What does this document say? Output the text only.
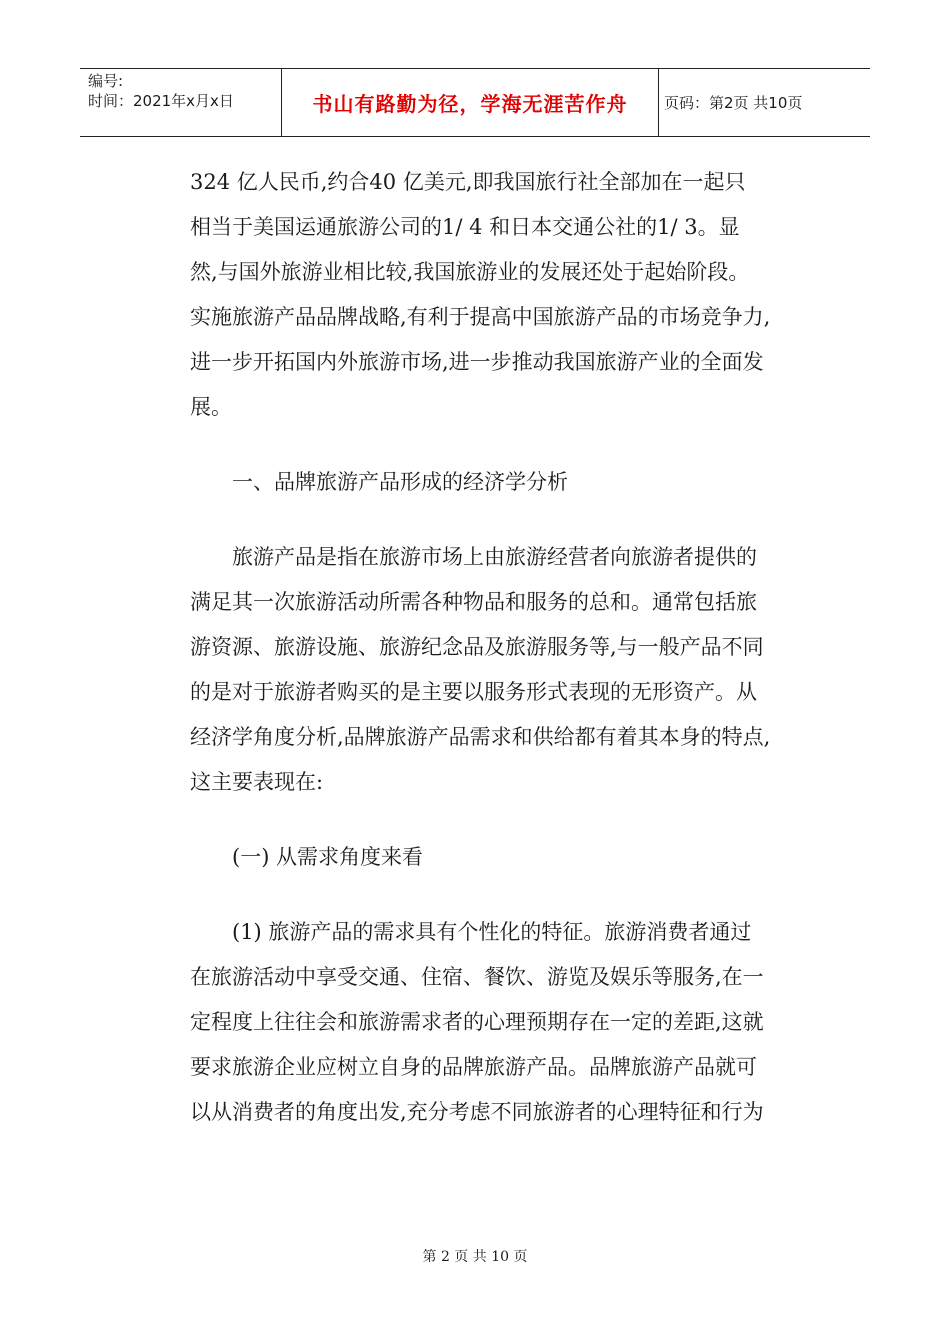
编号:
时间：2021年x月x日	书山有路勤为径，学海无涯苦作舟 页码：第2页 共10页
324 亿人民币,约合40 亿美元,即我国旅行社全部加在一起只
相当于美国运通旅游公司的1/ 4 和日本交通公社的1/ 3。显
然,与国外旅游业相比较,我国旅游业的发展还处于起始阶段。
实施旅游产品品牌战略,有利于提高中国旅游产品的市场竞争力,
进一步开拓国内外旅游市场,进一步推动我国旅游产业的全面发
展。
　　一、品牌旅游产品形成的经济学分析
　　旅游产品是指在旅游市场上由旅游经营者向旅游者提供的
满足其一次旅游活动所需各种物品和服务的总和。通常包括旅
游资源、旅游设施、旅游纪念品及旅游服务等,与一般产品不同
的是对于旅游者购买的是主要以服务形式表现的无形资产。从
经济学角度分析,品牌旅游产品需求和供给都有着其本身的特点,
这主要表现在:
　　(一) 从需求角度来看
　　(1) 旅游产品的需求具有个性化的特征。旅游消费者通过
在旅游活动中享受交通、住宿、餐饮、游览及娱乐等服务,在一
定程度上往往会和旅游需求者的心理预期存在一定的差距,这就
要求旅游企业应树立自身的品牌旅游产品。品牌旅游产品就可
以从消费者的角度出发,充分考虑不同旅游者的心理特征和行为
第 2 页 共 10 页
